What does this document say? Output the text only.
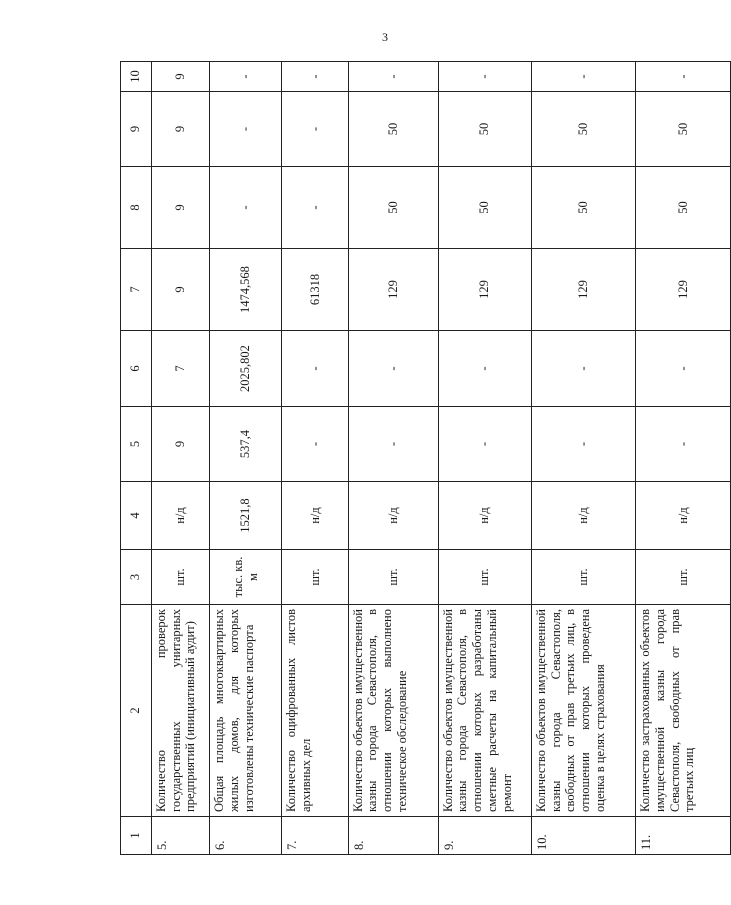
3
1	2	3	4	5	6	7	8	9	10
5.	Количество проверок государственных унитарных предприятий (инициативный аудит)	шт.	н/д	9	7	9	9	9	9
6.	Общая площадь многоквартирных жилых домов, для которых изготовлены технические паспорта	тыс. кв. м	1521,8	537,4	2025,802	1474,568	-	-	-
7.	Количество оцифрованных листов архивных дел	шт.	н/д	-	-	61318	-	-	-
8.	Количество объектов имущественной казны города Севастополя, в отношении которых выполнено техническое обследование	шт.	н/д	-	-	129	50	50	-
9.	Количество объектов имущественной казны города Севастополя, в отношении которых разработаны сметные расчеты на капитальный ремонт	шт.	н/д	-	-	129	50	50	-
10.	Количество объектов имущественной казны города Севастополя, свободных от прав третьих лиц, в отношении которых проведена оценка в целях страхования	шт.	н/д	-	-	129	50	50	-
11.	Количество застрахованных объектов имущественной казны города Севастополя, свободных от прав третьих лиц	шт.	н/д	-	-	129	50	50	-
